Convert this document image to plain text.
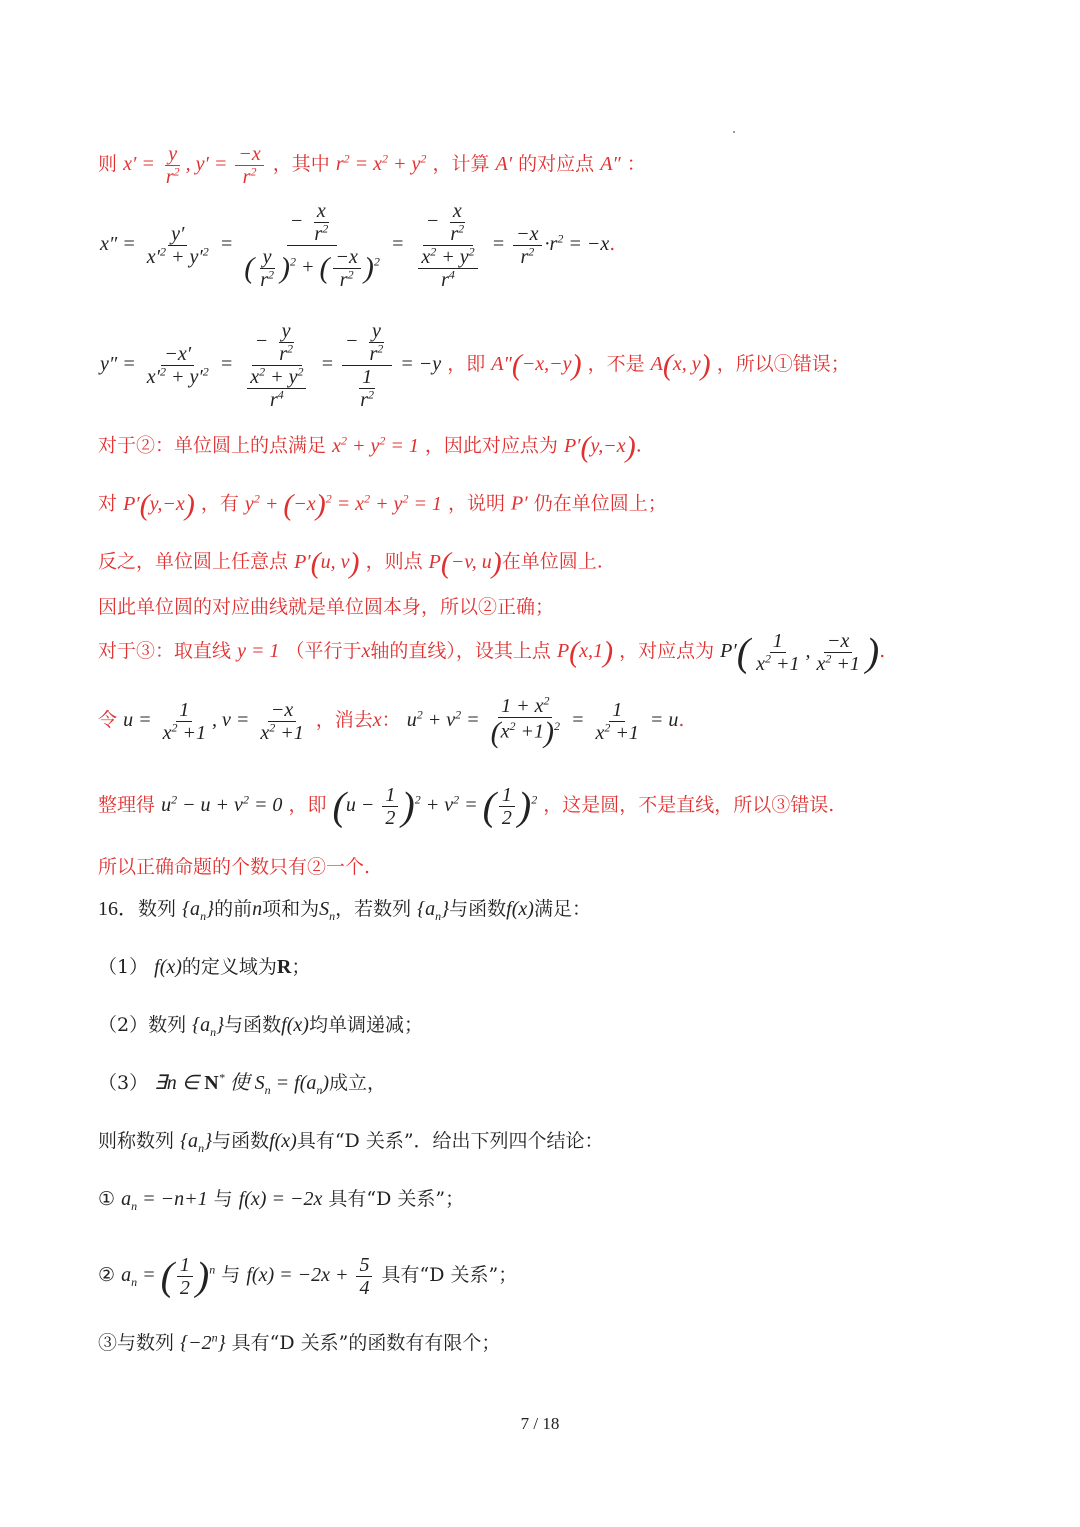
则 $x' = \frac{y}{r^2}$ , $y' = \frac{-x}{r^2}$ ，其中 $r^2 = x^2 + y^2$ ，计算 A′ 的对应点 A″ ：
$x'' = \frac{y'}{x'^2 + y'^2} = \frac{- \frac{x}{r^2}}{( \frac{y}{r^2} )^2 + ( \frac{-x}{r^2} )^2} = \frac{- \frac{x}{r^2}}{\frac{x^2 + y^2}{r^4}} = \frac{-x}{r^2} \cdot r^2 = -x$.
$y'' = \frac{-x'}{x'^2 + y'^2} = \frac{- \frac{y}{r^2}}{\frac{x^2 + y^2}{r^4}} = \frac{- \frac{y}{r^2}}{\frac{1}{r^2}} = -y$ ，即 A″(−x,−y) ，不是 A(x, y) ，所以①错误；
对于②：单位圆上的点满足 $x^2 + y^2 = 1$ ，因此对应点为 P′(y,−x).
对 P′(y,−x) ，有 $y^2 + (-x)^2 = x^2 + y^2 = 1$ ，说明 P′ 仍在单位圆上；
反之，单位圆上任意点 P′(u, v) ，则点 P(−v, u)在单位圆上.
因此单位圆的对应曲线就是单位圆本身，所以②正确；
对于③：取直线 y = 1 （平行于x轴的直线），设其上点 P(x,1) ，对应点为 $P'( \frac{1}{x^2 +1}$ , $\frac{-x}{x^2 +1}$ ).
令 $u = \frac{1}{x^2 +1}$ , $v = \frac{-x}{x^2 +1}$ ，消去x： $u^2 + v^2 = \frac{1 + x^2}{(x^2 +1)^2} = \frac{1}{x^2 +1} = u$.
整理得 $u^2 - u + v^2 = 0$ ，即 $(u - \frac{1}{2} )^2 + v^2$ = ( $\frac{1}{2} )^2$ ，这是圆，不是直线，所以③错误.
所以正确命题的个数只有②一个.
16．数列 $\{a_n\}$的前n项和为$S_n$，若数列 $\{a_n\}$与函数f(x)满足：
（1） f(x)的定义域为R；
（2）数列 $\{a_n\}$与函数f(x)均单调递减；
（3） ∃n ∈ N* 使 $S_n = f(a_n)$成立，
则称数列 $\{a_n\}$与函数f(x)具有“D 关系”．给出下列四个结论：
① $a_n = -n+1$ 与 f(x) = −2x 具有“D 关系”；
② $a_n$ = ( $\frac{1}{2} )^n$ 与 $f(x) = -2x + \frac{5}{4}$ 具有“D 关系”；
③与数列 $\{-2^n\}$ 具有“D 关系”的函数有有限个；
7 / 18
